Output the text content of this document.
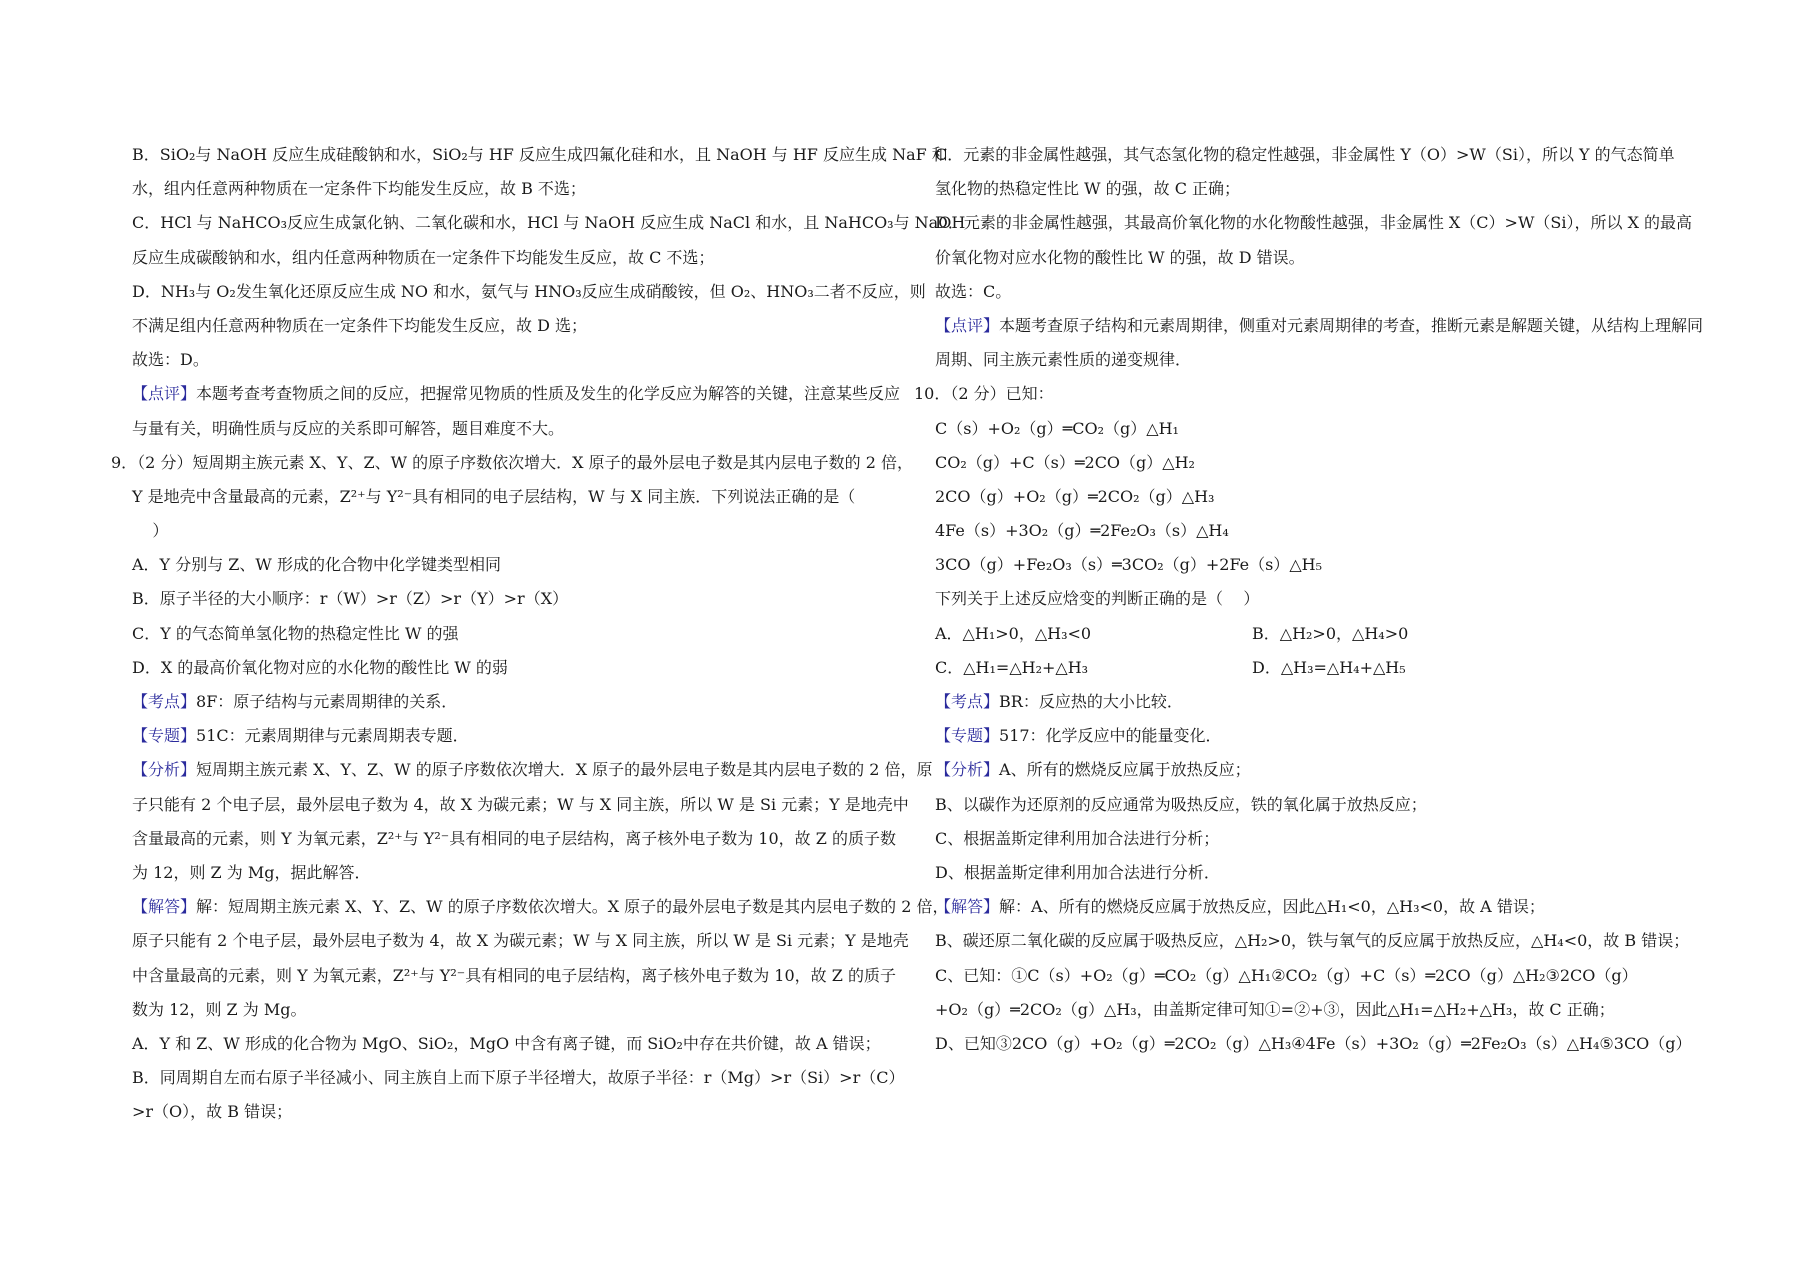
B．SiO₂与 NaOH 反应生成硅酸钠和水，SiO₂与 HF 反应生成四氟化硅和水，且 NaOH 与 HF 反应生成 NaF 和
水，组内任意两种物质在一定条件下均能发生反应，故 B 不选；
C．HCl 与 NaHCO₃反应生成氯化钠、二氧化碳和水，HCl 与 NaOH 反应生成 NaCl 和水，且 NaHCO₃与 NaOH
反应生成碳酸钠和水，组内任意两种物质在一定条件下均能发生反应，故 C 不选；
D．NH₃与 O₂发生氧化还原反应生成 NO 和水，氨气与 HNO₃反应生成硝酸铵，但 O₂、HNO₃二者不反应，则
不满足组内任意两种物质在一定条件下均能发生反应，故 D 选；
故选：D。
【点评】本题考查考查物质之间的反应，把握常见物质的性质及发生的化学反应为解答的关键，注意某些反应
与量有关，明确性质与反应的关系即可解答，题目难度不大。
9．（2 分）短周期主族元素 X、Y、Z、W 的原子序数依次增大．X 原子的最外层电子数是其内层电子数的 2 倍，
Y 是地壳中含量最高的元素，Z²⁺与 Y²⁻具有相同的电子层结构，W 与 X 同主族．下列说法正确的是（
）
A．Y 分别与 Z、W 形成的化合物中化学键类型相同
B．原子半径的大小顺序：r（W）>r（Z）>r（Y）>r（X）
C．Y 的气态简单氢化物的热稳定性比 W 的强
D．X 的最高价氧化物对应的水化物的酸性比 W 的弱
【考点】8F：原子结构与元素周期律的关系．
【专题】51C：元素周期律与元素周期表专题．
【分析】短周期主族元素 X、Y、Z、W 的原子序数依次增大．X 原子的最外层电子数是其内层电子数的 2 倍，原
子只能有 2 个电子层，最外层电子数为 4，故 X 为碳元素；W 与 X 同主族，所以 W 是 Si 元素；Y 是地壳中
含量最高的元素，则 Y 为氧元素，Z²⁺与 Y²⁻具有相同的电子层结构，离子核外电子数为 10，故 Z 的质子数
为 12，则 Z 为 Mg，据此解答．
【解答】解：短周期主族元素 X、Y、Z、W 的原子序数依次增大。X 原子的最外层电子数是其内层电子数的 2 倍，
原子只能有 2 个电子层，最外层电子数为 4，故 X 为碳元素；W 与 X 同主族，所以 W 是 Si 元素；Y 是地壳
中含量最高的元素，则 Y 为氧元素，Z²⁺与 Y²⁻具有相同的电子层结构，离子核外电子数为 10，故 Z 的质子
数为 12，则 Z 为 Mg。
A．Y 和 Z、W 形成的化合物为 MgO、SiO₂，MgO 中含有离子键，而 SiO₂中存在共价键，故 A 错误；
B．同周期自左而右原子半径减小、同主族自上而下原子半径增大，故原子半径：r（Mg）>r（Si）>r（C）
>r（O），故 B 错误；
C．元素的非金属性越强，其气态氢化物的稳定性越强，非金属性 Y（O）>W（Si），所以 Y 的气态简单
氢化物的热稳定性比 W 的强，故 C 正确；
D．元素的非金属性越强，其最高价氧化物的水化物酸性越强，非金属性 X（C）>W（Si），所以 X 的最高
价氧化物对应水化物的酸性比 W 的强，故 D 错误。
故选：C。
【点评】本题考查原子结构和元素周期律，侧重对元素周期律的考查，推断元素是解题关键，从结构上理解同
周期、同主族元素性质的递变规律．
10．（2 分）已知：
C（s）+O₂（g）═CO₂（g）△H₁
CO₂（g）+C（s）═2CO（g）△H₂
2CO（g）+O₂（g）═2CO₂（g）△H₃
4Fe（s）+3O₂（g）═2Fe₂O₃（s）△H₄
3CO（g）+Fe₂O₃（s）═3CO₂（g）+2Fe（s）△H₅
下列关于上述反应焓变的判断正确的是（    ）
A．△H₁>0，△H₃<0	B．△H₂>0，△H₄>0
C．△H₁=△H₂+△H₃	D．△H₃=△H₄+△H₅
【考点】BR：反应热的大小比较．
【专题】517：化学反应中的能量变化．
【分析】A、所有的燃烧反应属于放热反应；
B、以碳作为还原剂的反应通常为吸热反应，铁的氧化属于放热反应；
C、根据盖斯定律利用加合法进行分析；
D、根据盖斯定律利用加合法进行分析．
【解答】解：A、所有的燃烧反应属于放热反应，因此△H₁<0，△H₃<0，故 A 错误；
B、碳还原二氧化碳的反应属于吸热反应，△H₂>0，铁与氧气的反应属于放热反应，△H₄<0，故 B 错误；
C、已知：①C（s）+O₂（g）═CO₂（g）△H₁②CO₂（g）+C（s）═2CO（g）△H₂③2CO（g）
+O₂（g）═2CO₂（g）△H₃，由盖斯定律可知①=②+③，因此△H₁=△H₂+△H₃，故 C 正确；
D、已知③2CO（g）+O₂（g）═2CO₂（g）△H₃④4Fe（s）+3O₂（g）═2Fe₂O₃（s）△H₄⑤3CO（g）
